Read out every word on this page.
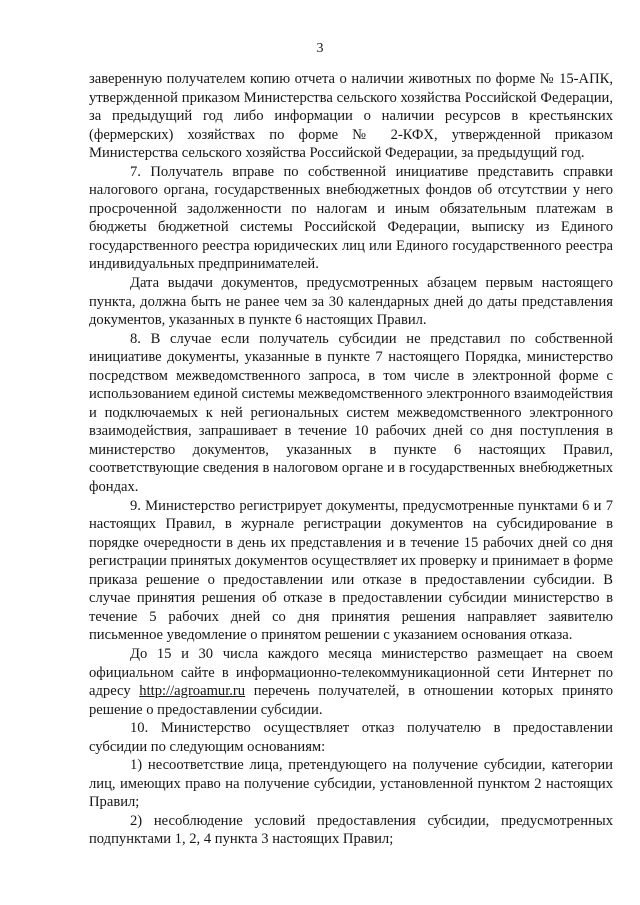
3

заверенную получателем копию отчета о наличии животных по форме № 15-АПК, утвержденной приказом Министерства сельского хозяйства Российской Федерации, за предыдущий год либо информации о наличии ресурсов в крестьянских (фермерских) хозяйствах по форме № 2-КФХ, утвержденной приказом Министерства сельского хозяйства Российской Федерации, за предыдущий год.

7. Получатель вправе по собственной инициативе представить справки налогового органа, государственных внебюджетных фондов об отсутствии у него просроченной задолженности по налогам и иным обязательным платежам в бюджеты бюджетной системы Российской Федерации, выписку из Единого государственного реестра юридических лиц или Единого государственного реестра индивидуальных предпринимателей.

Дата выдачи документов, предусмотренных абзацем первым настоящего пункта, должна быть не ранее чем за 30 календарных дней до даты представления документов, указанных в пункте 6 настоящих Правил.

8. В случае если получатель субсидии не представил по собственной инициативе документы, указанные в пункте 7 настоящего Порядка, министерство посредством межведомственного запроса, в том числе в электронной форме с использованием единой системы межведомственного электронного взаимодействия и подключаемых к ней региональных систем межведомственного электронного взаимодействия, запрашивает в течение 10 рабочих дней со дня поступления в министерство документов, указанных в пункте 6 настоящих Правил, соответствующие сведения в налоговом органе и в государственных внебюджетных фондах.

9. Министерство регистрирует документы, предусмотренные пунктами 6 и 7 настоящих Правил, в журнале регистрации документов на субсидирование в порядке очередности в день их представления и в течение 15 рабочих дней со дня регистрации принятых документов осуществляет их проверку и принимает в форме приказа решение о предоставлении или отказе в предоставлении субсидии. В случае принятия решения об отказе в предоставлении субсидии министерство в течение 5 рабочих дней со дня принятия решения направляет заявителю письменное уведомление о принятом решении с указанием основания отказа.

До 15 и 30 числа каждого месяца министерство размещает на своем официальном сайте в информационно-телекоммуникационной сети Интернет по адресу http://agroamur.ru перечень получателей, в отношении которых принято решение о предоставлении субсидии.

10. Министерство осуществляет отказ получателю в предоставлении субсидии по следующим основаниям:

1) несоответствие лица, претендующего на получение субсидии, категории лиц, имеющих право на получение субсидии, установленной пунктом 2 настоящих Правил;

2) несоблюдение условий предоставления субсидии, предусмотренных подпунктами 1, 2, 4 пункта 3 настоящих Правил;
